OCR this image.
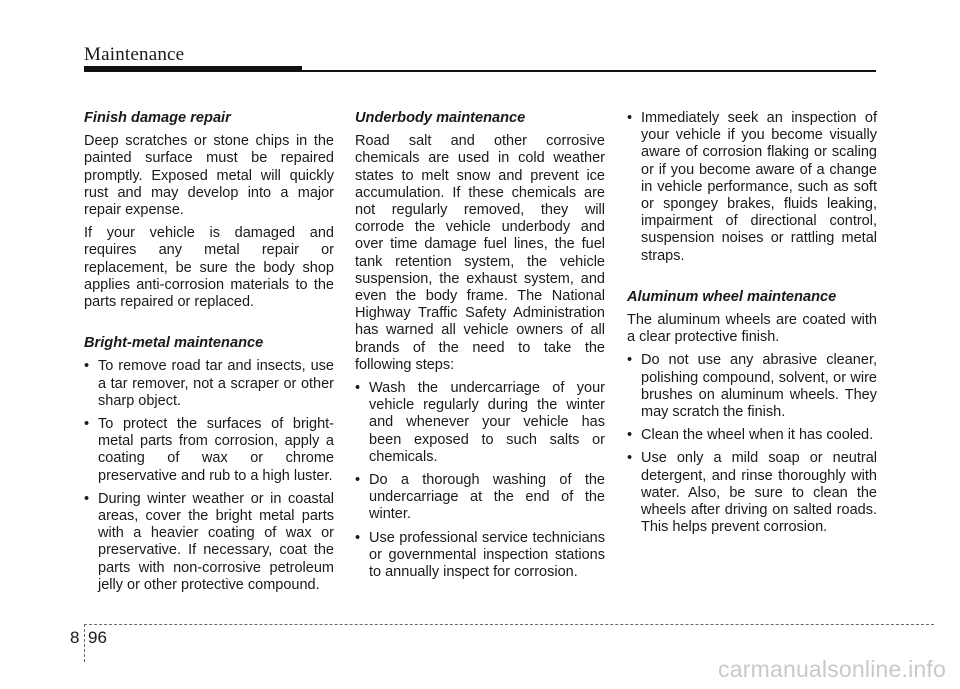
Maintenance
Finish damage repair

Deep scratches or stone chips in the painted surface must be repaired promptly. Exposed metal will quickly rust and may develop into a major repair expense.

If your vehicle is damaged and requires any metal repair or replacement, be sure the body shop applies anti-corrosion materials to the parts repaired or replaced.

Bright-metal maintenance
• To remove road tar and insects, use a tar remover, not a scraper or other sharp object.
• To protect the surfaces of bright-metal parts from corrosion, apply a coating of wax or chrome preservative and rub to a high luster.
• During winter weather or in coastal areas, cover the bright metal parts with a heavier coating of wax or preservative. If necessary, coat the parts with non-corrosive petroleum jelly or other protective compound.
Underbody maintenance

Road salt and other corrosive chemicals are used in cold weather states to melt snow and prevent ice accumulation. If these chemicals are not regularly removed, they will corrode the vehicle underbody and over time damage fuel lines, the fuel tank retention system, the vehicle suspension, the exhaust system, and even the body frame. The National Highway Traffic Safety Administration has warned all vehicle owners of all brands of the need to take the following steps:

• Wash the undercarriage of your vehicle regularly during the winter and whenever your vehicle has been exposed to such salts or chemicals.
• Do a thorough washing of the undercarriage at the end of the winter.
• Use professional service technicians or governmental inspection stations to annually inspect for corrosion.
• Immediately seek an inspection of your vehicle if you become visually aware of corrosion flaking or scaling or if you become aware of a change in vehicle performance, such as soft or spongey brakes, fluids leaking, impairment of directional control, suspension noises or rattling metal straps.
Aluminum wheel maintenance

The aluminum wheels are coated with a clear protective finish.

• Do not use any abrasive cleaner, polishing compound, solvent, or wire brushes on aluminum wheels. They may scratch the finish.
• Clean the wheel when it has cooled.
• Use only a mild soap or neutral detergent, and rinse thoroughly with water. Also, be sure to clean the wheels after driving on salted roads. This helps prevent corrosion.
8 96
carmanualsonline.info
